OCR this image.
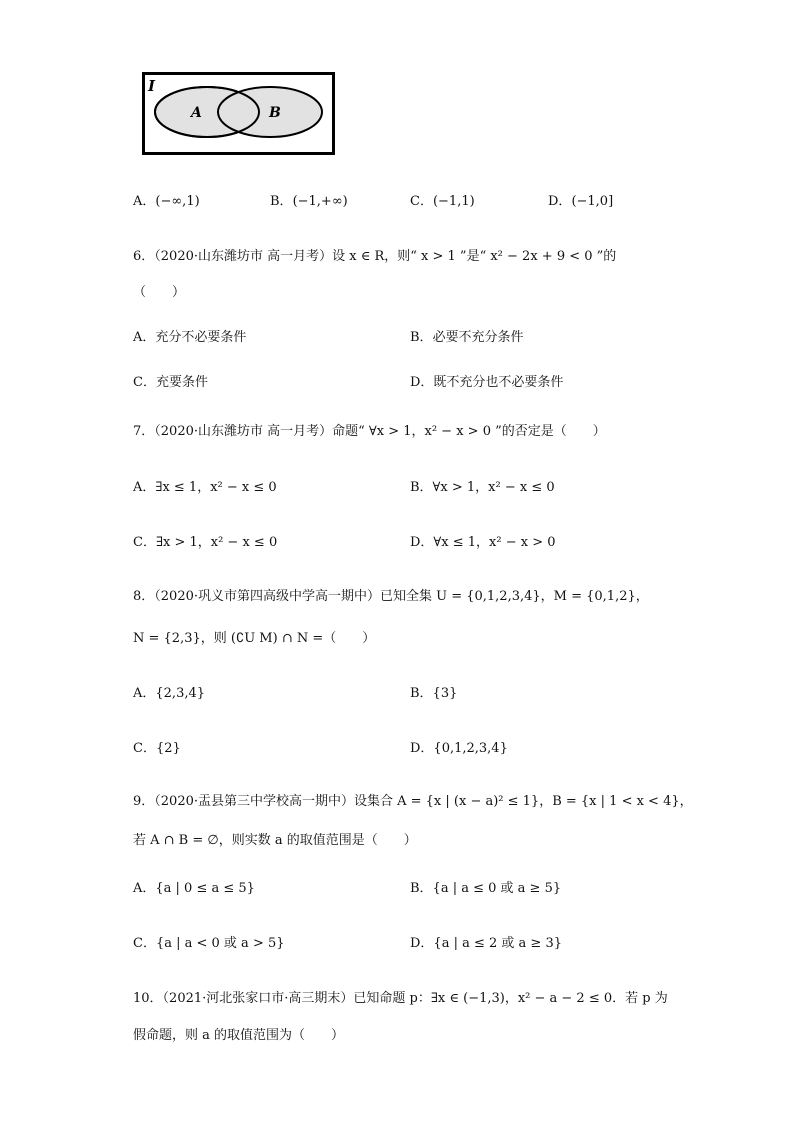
I
A	B
A．(−∞,1)	B．(−1,+∞)	C．(−1,1)	D．(−1,0]
6．（2020·山东潍坊市 高一月考）设 x ∈ R，则“ x > 1 ”是“ x² − 2x + 9 < 0 ”的
（　　）
A．充分不必要条件	B．必要不充分条件
C．充要条件	D．既不充分也不必要条件
7．（2020·山东潍坊市 高一月考）命题“ ∀x > 1，x² − x > 0 ”的否定是（　　）
A．∃x ≤ 1，x² − x ≤ 0	B．∀x > 1，x² − x ≤ 0
C．∃x > 1，x² − x ≤ 0	D．∀x ≤ 1，x² − x > 0
8．（2020·巩义市第四高级中学高一期中）已知全集 U = {0,1,2,3,4}，M = {0,1,2}，
N = {2,3}，则 (∁U M) ∩ N =（　　）
A．{2,3,4}	B．{3}
C．{2}	D．{0,1,2,3,4}
9．（2020·盂县第三中学校高一期中）设集合 A = {x | (x − a)² ≤ 1}，B = {x | 1 < x < 4}，
若 A ∩ B = ∅，则实数 a 的取值范围是（　　）
A．{a | 0 ≤ a ≤ 5}	B．{a | a ≤ 0 或 a ≥ 5}
C．{a | a < 0 或 a > 5}	D．{a | a ≤ 2 或 a ≥ 3}
10．（2021·河北张家口市·高三期末）已知命题 p：∃x ∈ (−1,3)，x² − a − 2 ≤ 0．若 p 为
假命题，则 a 的取值范围为（　　）
